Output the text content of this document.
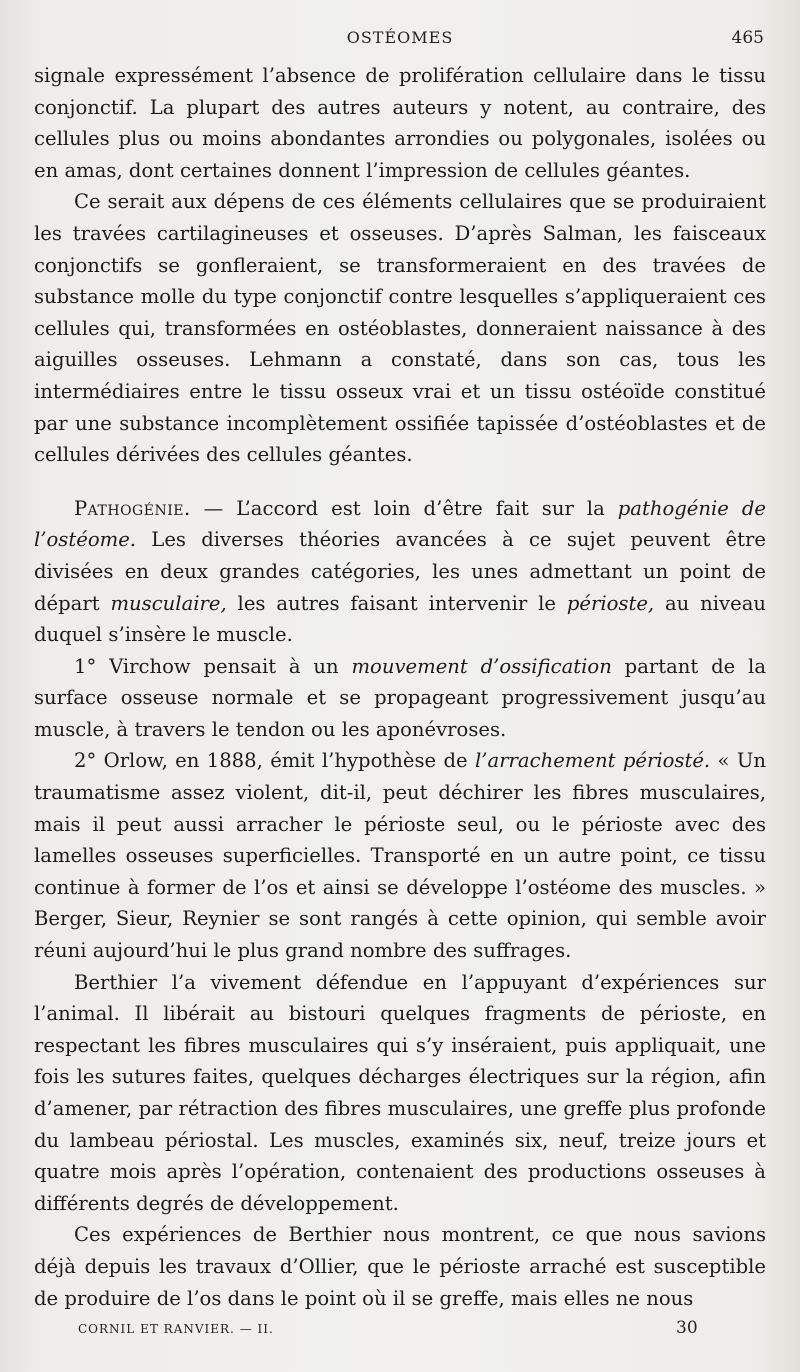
OSTÉOMES	465

signale expressément l’absence de prolifération cellulaire dans le tissu conjonctif. La plupart des autres auteurs y notent, au contraire, des cellules plus ou moins abondantes arrondies ou polygonales, isolées ou en amas, dont certaines donnent l’impression de cellules géantes.

Ce serait aux dépens de ces éléments cellulaires que se produiraient les travées cartilagineuses et osseuses. D’après Salman, les faisceaux conjonctifs se gonfleraient, se transformeraient en des travées de substance molle du type conjonctif contre lesquelles s’appliqueraient ces cellules qui, transformées en ostéoblastes, donneraient naissance à des aiguilles osseuses. Lehmann a constaté, dans son cas, tous les intermédiaires entre le tissu osseux vrai et un tissu ostéoïde constitué par une substance incomplètement ossifiée tapissée d’ostéoblastes et de cellules dérivées des cellules géantes.

Pathogénie. — L’accord est loin d’être fait sur la pathogénie de l’ostéome. Les diverses théories avancées à ce sujet peuvent être divisées en deux grandes catégories, les unes admettant un point de départ musculaire, les autres faisant intervenir le périoste, au niveau duquel s’insère le muscle.

1° Virchow pensait à un mouvement d’ossification partant de la surface osseuse normale et se propageant progressivement jusqu’au muscle, à travers le tendon ou les aponévroses.

2° Orlow, en 1888, émit l’hypothèse de l’arrachement périosté. « Un traumatisme assez violent, dit-il, peut déchirer les fibres musculaires, mais il peut aussi arracher le périoste seul, ou le périoste avec des lamelles osseuses superficielles. Transporté en un autre point, ce tissu continue à former de l’os et ainsi se développe l’ostéome des muscles. » Berger, Sieur, Reynier se sont rangés à cette opinion, qui semble avoir réuni aujourd’hui le plus grand nombre des suffrages.

Berthier l’a vivement défendue en l’appuyant d’expériences sur l’animal. Il libérait au bistouri quelques fragments de périoste, en respectant les fibres musculaires qui s’y inséraient, puis appliquait, une fois les sutures faites, quelques décharges électriques sur la région, afin d’amener, par rétraction des fibres musculaires, une greffe plus profonde du lambeau périostal. Les muscles, examinés six, neuf, treize jours et quatre mois après l’opération, contenaient des productions osseuses à différents degrés de développement.

Ces expériences de Berthier nous montrent, ce que nous savions déjà depuis les travaux d’Ollier, que le périoste arraché est susceptible de produire de l’os dans le point où il se greffe, mais elles ne nous

CORNIL ET RANVIER. — II.	30
